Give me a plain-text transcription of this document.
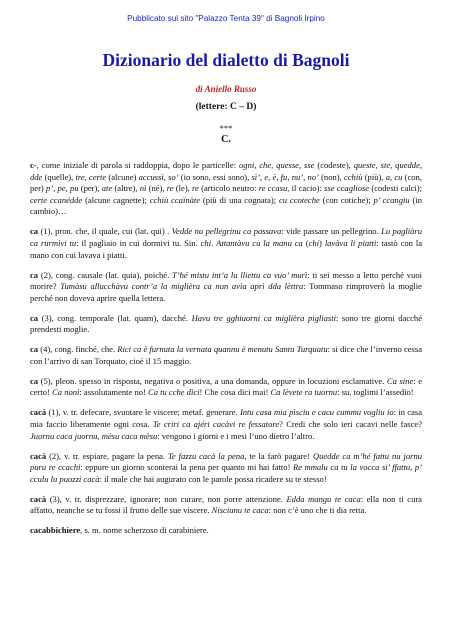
Pubblicato sul sito "Palazzo Tenta 39" di Bagnoli Irpino
Dizionario del dialetto di Bagnoli
di Aniello Russo
(lettere: C – D)
***
C.

c-, come iniziale di parola si raddoppia, dopo le particelle: ogni, che, quesse, sse (codeste), queste, ste, quedde, dde (quelle), tre, certe (alcune) accussì, so’ (io sono, essi sono), sì’, e, è, fu, nu’, no’ (non), cchiù (più), a, cu (con, per) p’, pe, pu (per), ate (altre), nì (né), re (le), re (articolo neutro: re ccasu, il cacio): sse ccagliose (codesti calci); certe ccanédde (alcune cagnette); cchiù ccaïnàte (più di una cognata); cu ccoteche (con cotiche); p’ ccangiu (in cambio)…

ca (1), pron. che, il quale, cui (lat. qui) . Vedde nu pellegrinu ca passava: vide passare un pellegrino. Lu pagliàru ca rurmìvi tu: il pagliaio in cui dormivi tu. Sin. chi. Attantàvu cu la manu ca (chi) lavàva li piatti: tastò con la mano con cui lavava i piatti.

ca (2), cong. causale (lat. quia), poiché. T’hé mistu int’a lu lliettu ca vuo’ murì: ti sei messo a letto perché vuoi morire? Tumàsu allucchàvu contr’a la miglièra ca nun avìa aprì dda lèttra: Tommaso rimproverò la moglie perché non doveva aprire quella lettera.

ca (3), cong. temporale (lat. quam), dacché. Havu tre gghiuorni ca miglièra pigliasti: sono tre giorni dacché prendesti moglie.

ca (4), cong. finché, che. Rici ca è furnuta la vernata quannu è menutu Santu Turquatu: si dice che l’inverno cessa con l’arrivo di san Torquato, cioè il 15 maggio.

ca (5), pleon. spesso in risposta, negativa o positiva, a una domanda, oppure in locuzioni esclamative. Ca sine: e certo! Ca nonì: assolutamente no! Ca tu cche dìci! Che cosa dici mai! Ca lèvete ra tuornu: su, toglimi l’assedio!

cacà (1), v. tr. defecare, svuotare le viscere; metaf. generare. Intu casa mia pìsciu e cacu cummu vogliu io: in casa mia faccio liberamente ogni cosa. Te criri ca ajéri cacàvi re fessatore? Credi che solo ieri cacavi nelle fasce? Juornu caca juornu, mèsu caca mèsu: vengono i giorni e i mesi l’uno dietro l’altro.

cacà (2), v. tr. espiare, pagare la pena. Te fazzu cacà la pena, te la farò pagare! Quedde ca m’hé fattu nu jornu puru re ccachi: eppure un giorno sconterai la pena per quanto mi hai fatto! Re mmalu ca tu la vocca si’ ffattu, p’ cculu lu puozzi cacà: il male che hai augurato con le parole possa ricadere su te stesso!

cacà (3), v. tr. disprezzare, ignorare; non curare, non porre attenzione. Edda mangu te caca: ella non ti cura affatto, neanche se tu fossi il frutto delle sue viscere. Nisciunu te caca: non c’è uno che ti dia retta.

cacabbichiere, s. m. nome scherzoso di carabiniere.
